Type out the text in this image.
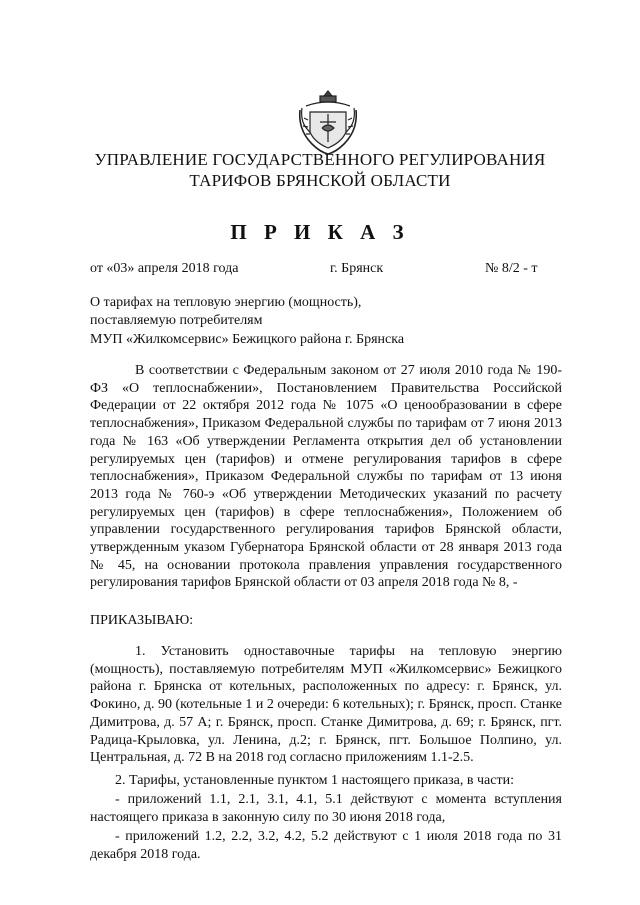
УПРАВЛЕНИЕ ГОСУДАРСТВЕННОГО РЕГУЛИРОВАНИЯ
ТАРИФОВ БРЯНСКОЙ ОБЛАСТИ
П Р И К А З
от «03» апреля 2018 года	г. Брянск	№ 8/2 - т
О тарифах на тепловую энергию (мощность),
поставляемую потребителям
МУП «Жилкомсервис» Бежицкого района г. Брянска

В соответствии с Федеральным законом от 27 июля 2010 года № 190-ФЗ «О теплоснабжении», Постановлением Правительства Российской Федерации от 22 октября 2012 года № 1075 «О ценообразовании в сфере теплоснабжения», Приказом Федеральной службы по тарифам от 7 июня 2013 года № 163 «Об утверждении Регламента открытия дел об установлении регулируемых цен (тарифов) и отмене регулирования тарифов в сфере теплоснабжения», Приказом Федеральной службы по тарифам от 13 июня 2013 года № 760-э «Об утверждении Методических указаний по расчету регулируемых цен (тарифов) в сфере теплоснабжения», Положением об управлении государственного регулирования тарифов Брянской области, утвержденным указом Губернатора Брянской области от 28 января 2013 года № 45, на основании протокола правления управления государственного регулирования тарифов Брянской области от 03 апреля 2018 года № 8, -

ПРИКАЗЫВАЮ:

1. Установить одноставочные тарифы на тепловую энергию (мощность), поставляемую потребителям МУП «Жилкомсервис» Бежицкого района г. Брянска от котельных, расположенных по адресу: г. Брянск, ул. Фокино, д. 90 (котельные 1 и 2 очереди: 6 котельных); г. Брянск, просп. Станке Димитрова, д. 57 А; г. Брянск, просп. Станке Димитрова, д. 69; г. Брянск, пгт. Радица-Крыловка, ул. Ленина, д.2; г. Брянск, пгт. Большое Полпино, ул. Центральная, д. 72 В на 2018 год согласно приложениям 1.1-2.5.

2. Тарифы, установленные пунктом 1 настоящего приказа, в части:

- приложений 1.1, 2.1, 3.1, 4.1, 5.1 действуют с момента вступления настоящего приказа в законную силу по 30 июня 2018 года,

- приложений 1.2, 2.2, 3.2, 4.2, 5.2 действуют с 1 июля 2018 года по 31 декабря 2018 года.
